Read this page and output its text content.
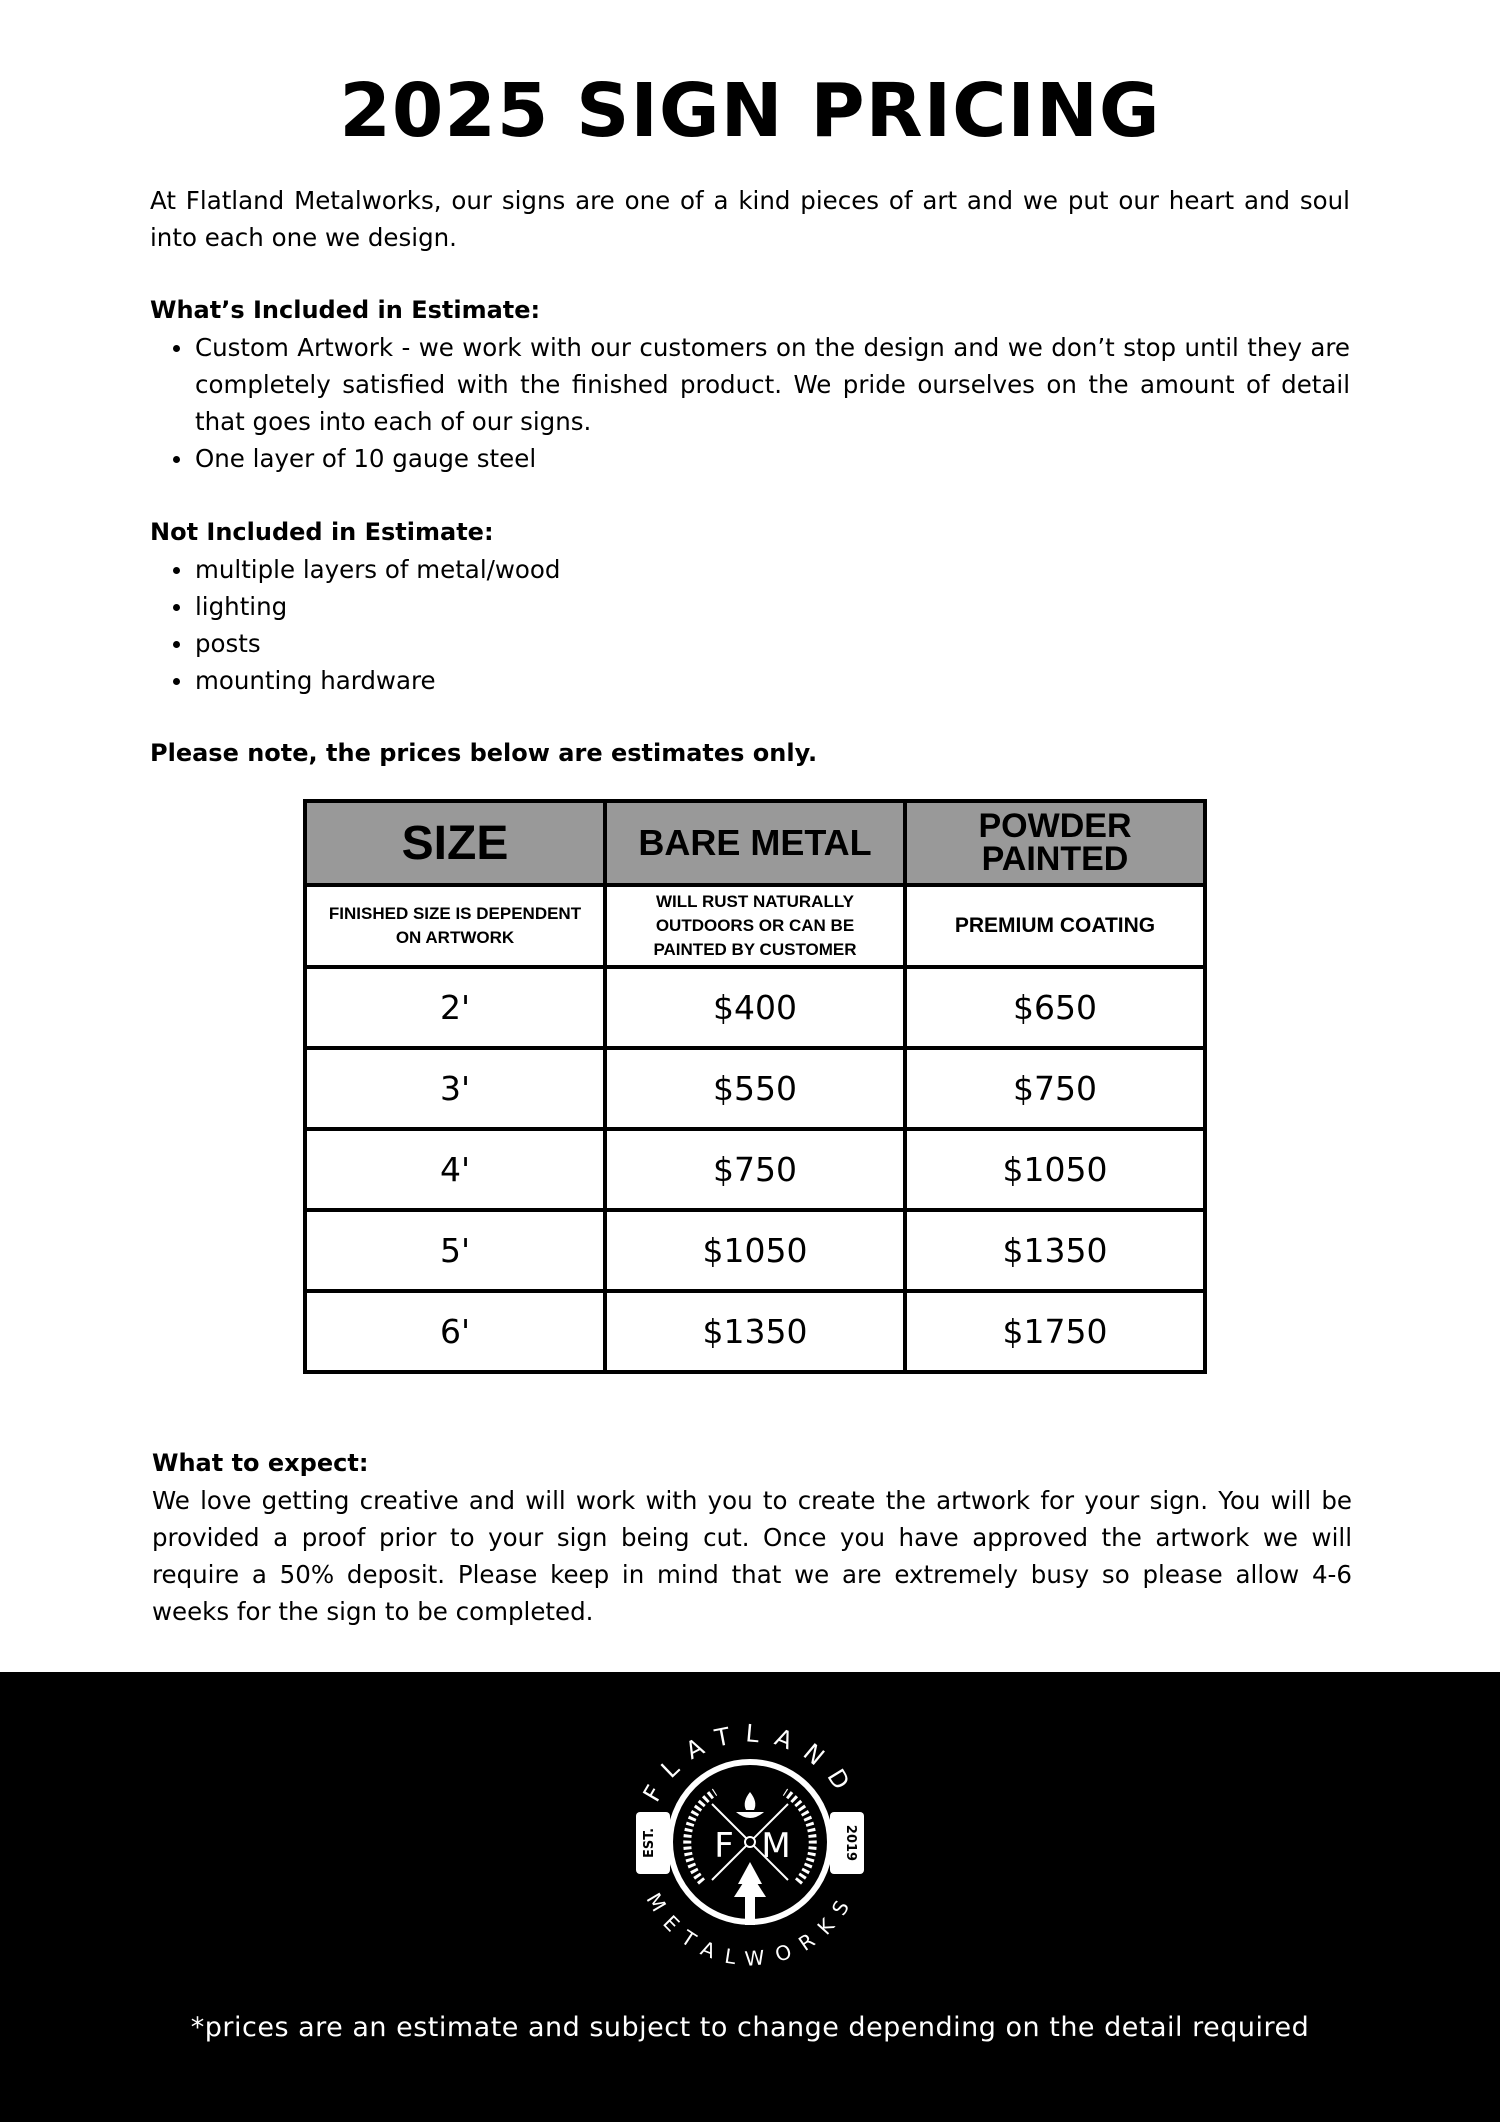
2025 SIGN PRICING
At Flatland Metalworks, our signs are one of a kind pieces of art and we put our heart and soul into each one we design.
What’s Included in Estimate:
Custom Artwork - we work with our customers on the design and we don’t stop until they are completely satisfied with the finished product. We pride ourselves on the amount of detail that goes into each of our signs.
One layer of 10 gauge steel
Not Included in Estimate:
multiple layers of metal/wood
lighting
posts
mounting hardware
Please note, the prices below are estimates only.
SIZE	BARE METAL	POWDER PAINTED

FINISHED SIZE IS DEPENDENT ON ARTWORK	WILL RUST NATURALLY OUTDOORS OR CAN BE PAINTED BY CUSTOMER	PREMIUM COATING
2'	$400	$650
3'	$550	$750
4'	$750	$1050
5'	$1050	$1350
6'	$1350	$1750
What to expect:
We love getting creative and will work with you to create the artwork for your sign. You will be provided a proof prior to your sign being cut. Once you have approved the artwork we will require a 50% deposit. Please keep in mind that we are extremely busy so please allow 4-6 weeks for the sign to be completed.
EST.	2019
FLATLAND
METALWORKS
F M
*prices are an estimate and subject to change depending on the detail required
